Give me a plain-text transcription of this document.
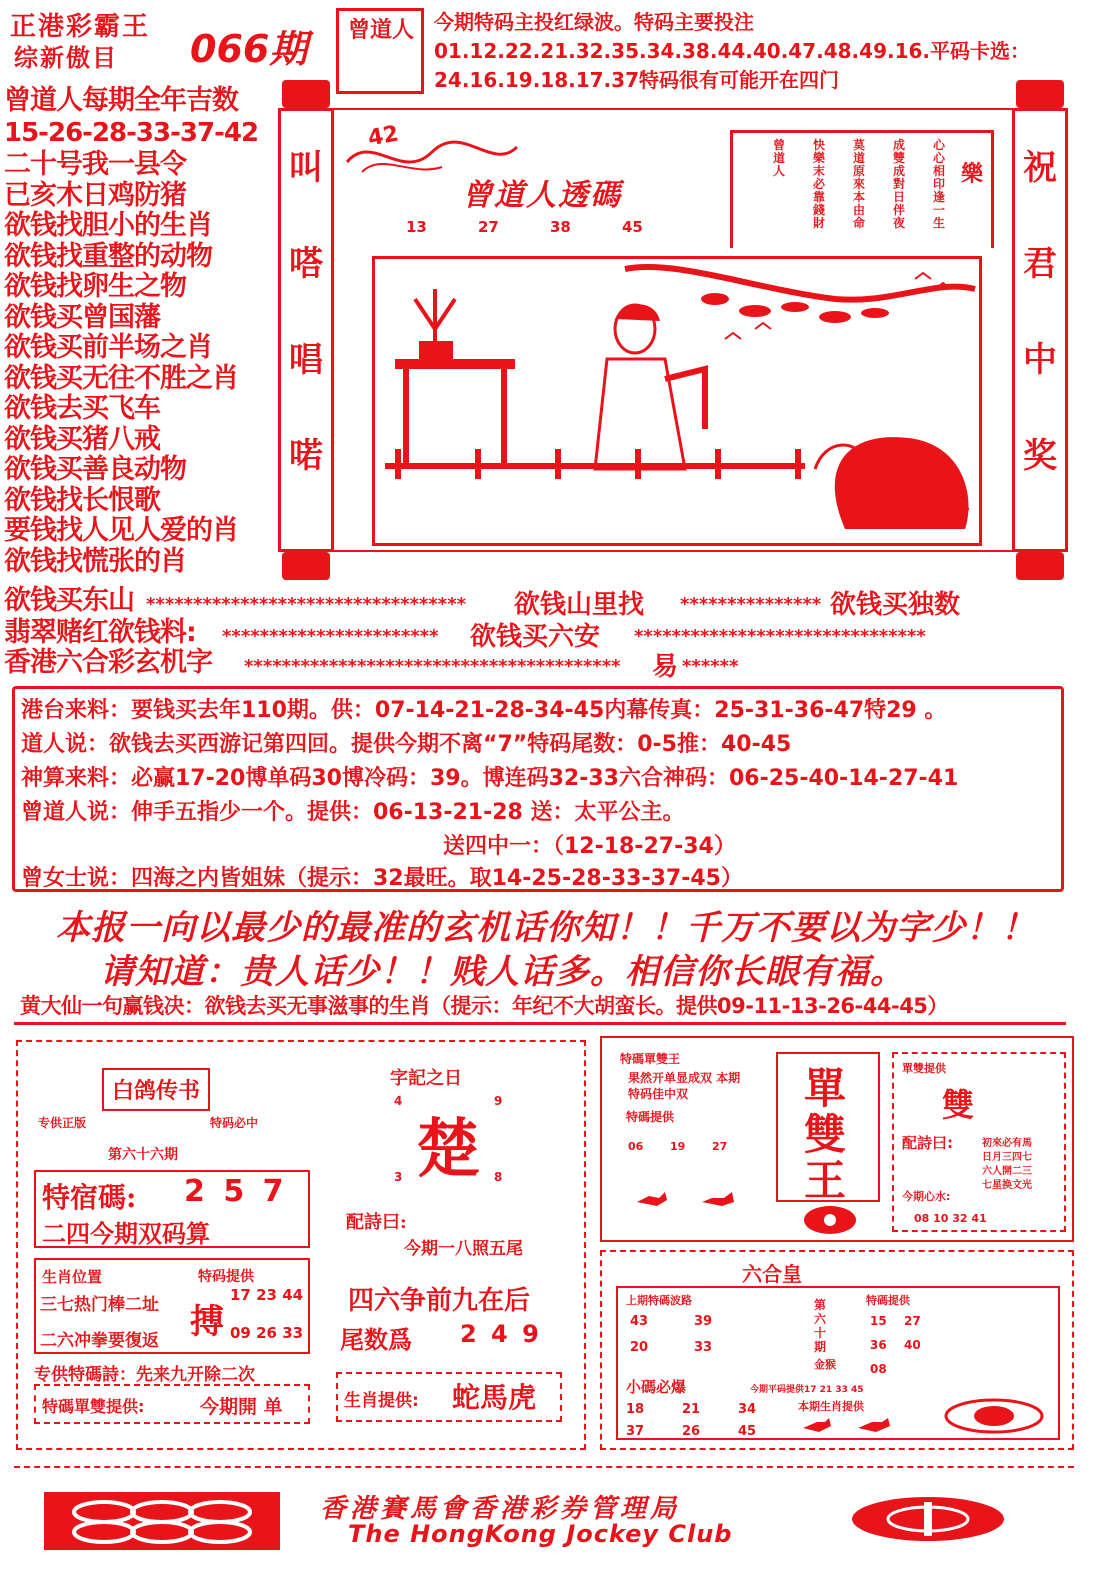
正港彩霸王
综新傲目 066期 曾道人 今期特码主投红绿波。特码主要投注01.12.22.21.32.35.34.38.44.40.47.48.49.16.平码卡选：24.16.19.18.17.37特码很有可能开在四门
曾道人每期全年吉数
15-26-28-33-37-42
二十号我一县令
已亥木日鸡防猪
欲钱找胆小的生肖
欲钱找重整的动物
欲钱找卵生之物
欲钱买曾国藩
欲钱买前半场之肖
欲钱买无往不胜之肖
欲钱去买飞车
欲钱买猪八戒
欲钱买善良动物
欲钱找长恨歌
要钱找人见人爱的肖
欲钱找慌张的肖
叫
嗒
唱
喏
祝
君
中
奖
42
曾道人透碼
13	27	38	45
樂
心心相印逢一生
成雙成對日伴夜
莫道原來本由命
快樂末必靠錢財
曾道人
欲钱买东山 **********************************	欲钱山里找 *************** 欲钱买独数
翡翠赌红欲钱料: ***********************	欲钱买六安 *******************************
香港六合彩玄机字 ****************************************	易 ******
港台来料：要钱买去年110期。供：07-14-21-28-34-45内幕传真：25-31-36-47特29 。
道人说：欲钱去买西游记第四回。提供今期不离“7”特码尾数：0-5推：40-45
神算来料：必赢17-20博单码30博冷码：39。博连码32-33六合神码：06-25-40-14-27-41
曾道人说：伸手五指少一个。提供：06-13-21-28 送：太平公主。
送四中一：（12-18-27-34）
曾女士说：四海之内皆姐妹（提示：32最旺。取14-25-28-33-37-45）
本报一向以最少的最准的玄机话你知！！千万不要以为字少！！
请知道：贵人话少！！贱人话多。相信你长眼有福。
黄大仙一句赢钱决：欲钱去买无事滋事的生肖（提示：年纪不大胡蛮长。提供09-11-13-26-44-45）
白鸽传书
专供正版	特码必中
第六十六期
特宿碼: 2 5 7
二四今期双码算
生肖位置
三七热门棒二址
二六冲拳要復返
特码提供
搏
17 23 44
09 26 33
专供特碼詩：先来九开除二次
特碼單雙提供:	今期開 单
字記之日
4	9
楚
3	8
配詩曰:
今期一八照五尾
四六争前九在后
尾数爲 2 4 9
生肖提供: 蛇馬虎
特碼單雙王
果然开单显成双 本期特码佳中双
特碼提供
06 19 27
單
雙
王
單雙提供
雙
配詩曰:	初來必有馬
日月三四七
六人開二三
七星换文光
今期心水:
08 10 32 41
六合皇
上期特碼波路
43	39
20	33
第六十期
金猴
特碼提供
15 27
36 40
08
小碼必爆	今期平码提供17 21 33 45
18	21	34
37	26	45
本期生肖提供
香港賽馬會香港彩券管理局
The HongKong Jockey Club
